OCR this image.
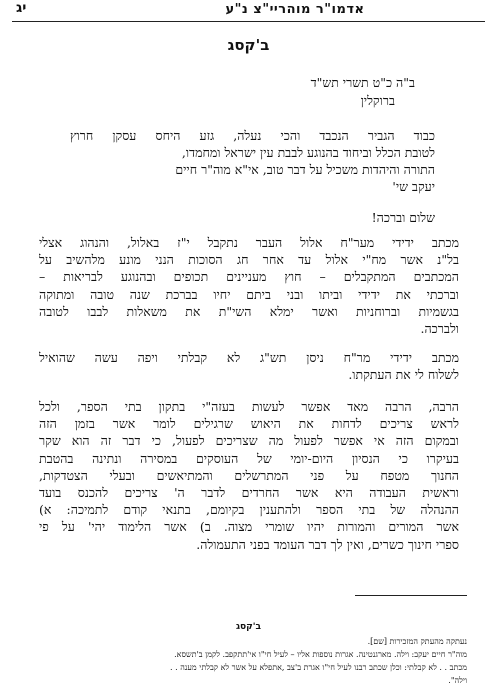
אדמו"ר מוהריי"צ נ"ע
יג
ב'קסג
ב"ה כ"ט תשרי תש"ד
ברוקלין
כבוד הגביר הנכבד והכי נעלה, גזע היחס עסקן חרוץ
לטובת הכלל וביחוד בהנוגע לבבת עין ישראל ומחמדו,
התורה והיהדות משכיל על דבר טוב, אי"א מוה"ר חיים
יעקב שי'
שלום וברכה!
מכתב ידידי מער"ח אלול העבר נתקבל י"ז באלול, והנהוג אצלי
בל"נ אשר מח"י אלול עד אחר חג הסוכות הנני מונע מלהשיב על
המכתבים המתקבלים – חוץ מעניינים תכופים ובהנוגע לבריאות –
וברכתי את ידידי וביתו ובני ביתם יחיו בברכת שנה טובה ומתוקה
בגשמיות וברוחניות ואשר ימלא השי"ת את משאלות לבבו לטובה
ולברכה.
מכתב ידידי מר"ח ניסן תש"ג לא קבלתי ויפה עשה שהואיל
לשלוח לי את העתקתו.
הרבה, הרבה מאד אפשר לעשות בעזה"י בתקון בתי הספר, ולכל
לראש צריכים לדחות את היאוש שרגילים לומר אשר בזמן הזה
ובמקום הזה אי אפשר לפעול מה שצריכים לפעול, כי דבר זה הוא שקר
בעיקרו כי הנסיון היום-יומי של העוסקים במסירה ונתינה בהטבת
החנוך מטפח על פני המתרשלים והמתיאשים ובעלי הצטדקות,
וראשית העבודה היא אשר החרדים לדבר ה' צריכים להכנס בועד
ההנהלה של בתי הספר ולהתענין בקיומם, בתנאי קודם לתמיכה: א)
אשר המורים והמורות יהיו שומרי מצוה. ב) אשר הלימוד יהי' על פי
ספרי חינוך כשרים, ואין לך דבר העומד בפני התעמולה.
ב'קסג
נעתקה מהעתק המזכירות [שם].
מוה"ר חיים יעקב: וילה. מארגנטינה. אגרות נוספות אליו – לעיל חי"ו אי'תתקפב. לקמן ב'תשסא.
מכתב . . לא קבלתי: וכלן שכתב רבנו לעיל חי"ו אגרת ב'צב ,אתפלא על אשר לא קבלתי מענה . .
וילה".
